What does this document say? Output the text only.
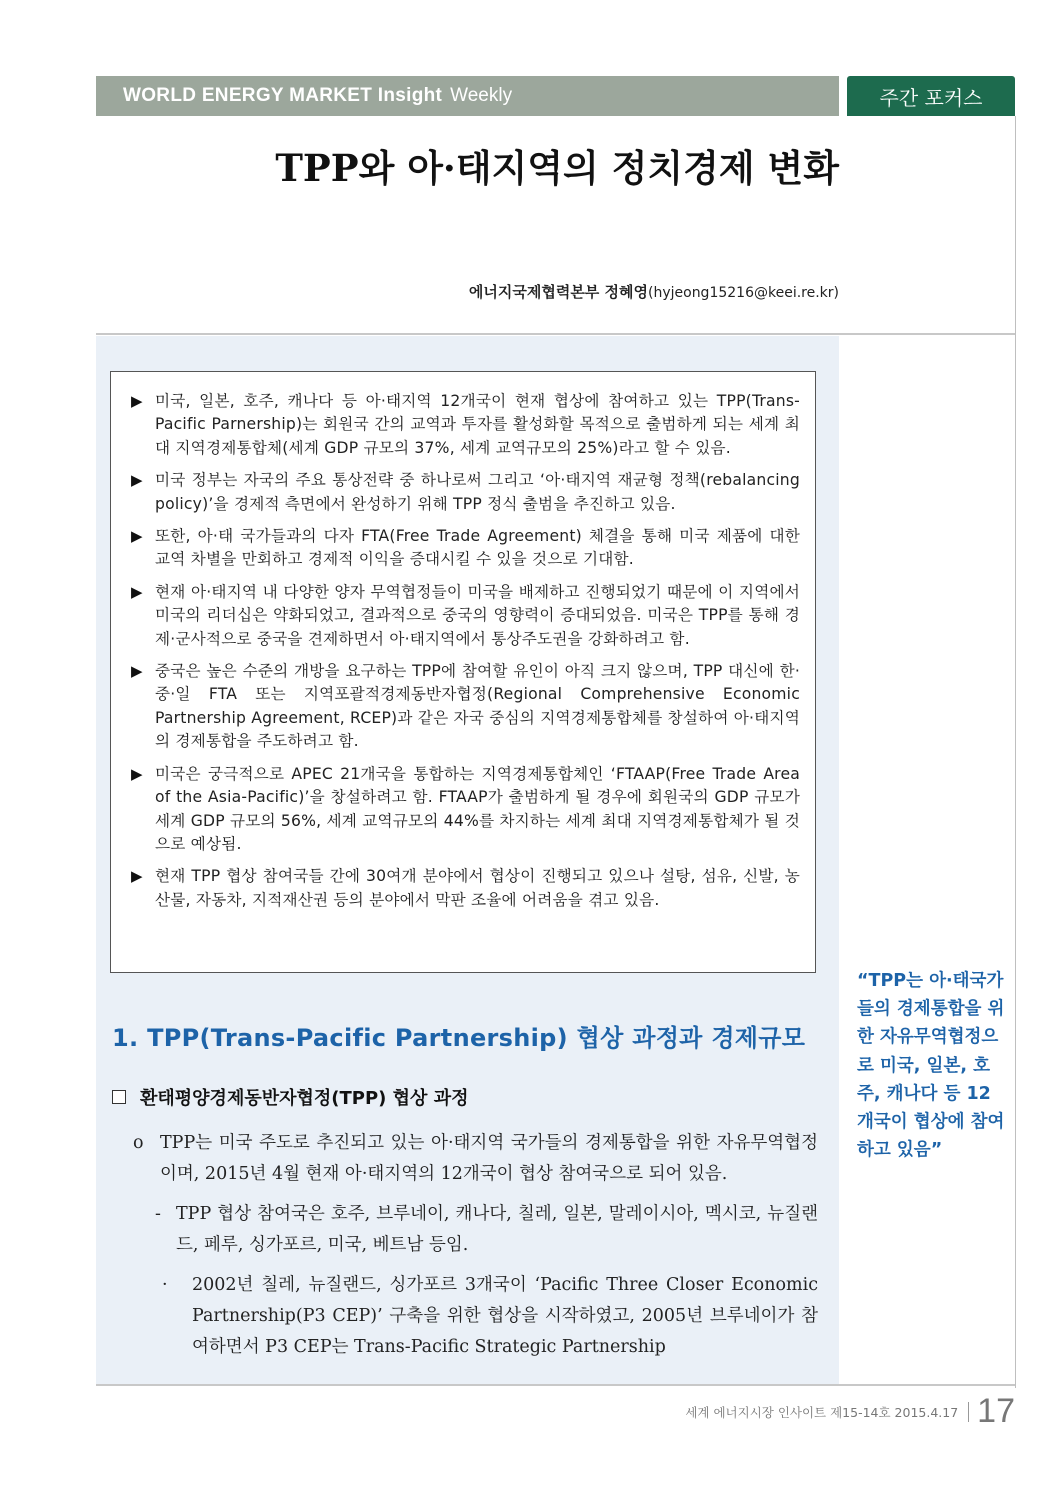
WORLD ENERGY MARKET Insight Weekly	주간 포커스
TPP와 아·태지역의 정치경제 변화
에너지국제협력본부 정혜영(hyjeong15216@keei.re.kr)
▶ 미국, 일본, 호주, 캐나다 등 아·태지역 12개국이 현재 협상에 참여하고 있는 TPP(Trans-Pacific Parnership)는 회원국 간의 교역과 투자를 활성화할 목적으로 출범하게 되는 세계 최대 지역경제통합체(세계 GDP 규모의 37%, 세계 교역규모의 25%)라고 할 수 있음.
▶ 미국 정부는 자국의 주요 통상전략 중 하나로써 그리고 ‘아·태지역 재균형 정책(rebalancing policy)’을 경제적 측면에서 완성하기 위해 TPP 정식 출범을 추진하고 있음.
▶ 또한, 아·태 국가들과의 다자 FTA(Free Trade Agreement) 체결을 통해 미국 제품에 대한 교역 차별을 만회하고 경제적 이익을 증대시킬 수 있을 것으로 기대함.
▶ 현재 아·태지역 내 다양한 양자 무역협정들이 미국을 배제하고 진행되었기 때문에 이 지역에서 미국의 리더십은 약화되었고, 결과적으로 중국의 영향력이 증대되었음. 미국은 TPP를 통해 경제·군사적으로 중국을 견제하면서 아·태지역에서 통상주도권을 강화하려고 함.
▶ 중국은 높은 수준의 개방을 요구하는 TPP에 참여할 유인이 아직 크지 않으며, TPP 대신에 한·중·일 FTA 또는 지역포괄적경제동반자협정(Regional Comprehensive Economic Partnership Agreement, RCEP)과 같은 자국 중심의 지역경제통합체를 창설하여 아·태지역의 경제통합을 주도하려고 함.
▶ 미국은 궁극적으로 APEC 21개국을 통합하는 지역경제통합체인 ‘FTAAP(Free Trade Area of the Asia-Pacific)’을 창설하려고 함. FTAAP가 출범하게 될 경우에 회원국의 GDP 규모가 세계 GDP 규모의 56%, 세계 교역규모의 44%를 차지하는 세계 최대 지역경제통합체가 될 것으로 예상됨.
▶ 현재 TPP 협상 참여국들 간에 30여개 분야에서 협상이 진행되고 있으나 설탕, 섬유, 신발, 농산물, 자동차, 지적재산권 등의 분야에서 막판 조율에 어려움을 겪고 있음.
1. TPP(Trans-Pacific Partnership) 협상 과정과 경제규모
환태평양경제동반자협정(TPP) 협상 과정
o TPP는 미국 주도로 추진되고 있는 아·태지역 국가들의 경제통합을 위한 자유무역협정이며, 2015년 4월 현재 아·태지역의 12개국이 협상 참여국으로 되어 있음.
- TPP 협상 참여국은 호주, 브루네이, 캐나다, 칠레, 일본, 말레이시아, 멕시코, 뉴질랜드, 페루, 싱가포르, 미국, 베트남 등임.
·	2002년 칠레, 뉴질랜드, 싱가포르 3개국이 ‘Pacific Three Closer Economic Partnership(P3 CEP)’ 구축을 위한 협상을 시작하였고, 2005년 브루네이가 참여하면서 P3 CEP는 Trans-Pacific Strategic Partnership
“TPP는 아·태국가들의 경제통합을 위한 자유무역협정으로 미국, 일본, 호주, 캐나다 등 12개국이 협상에 참여하고 있음”
세계 에너지시장 인사이트 제15-14호 2015.4.17 17
